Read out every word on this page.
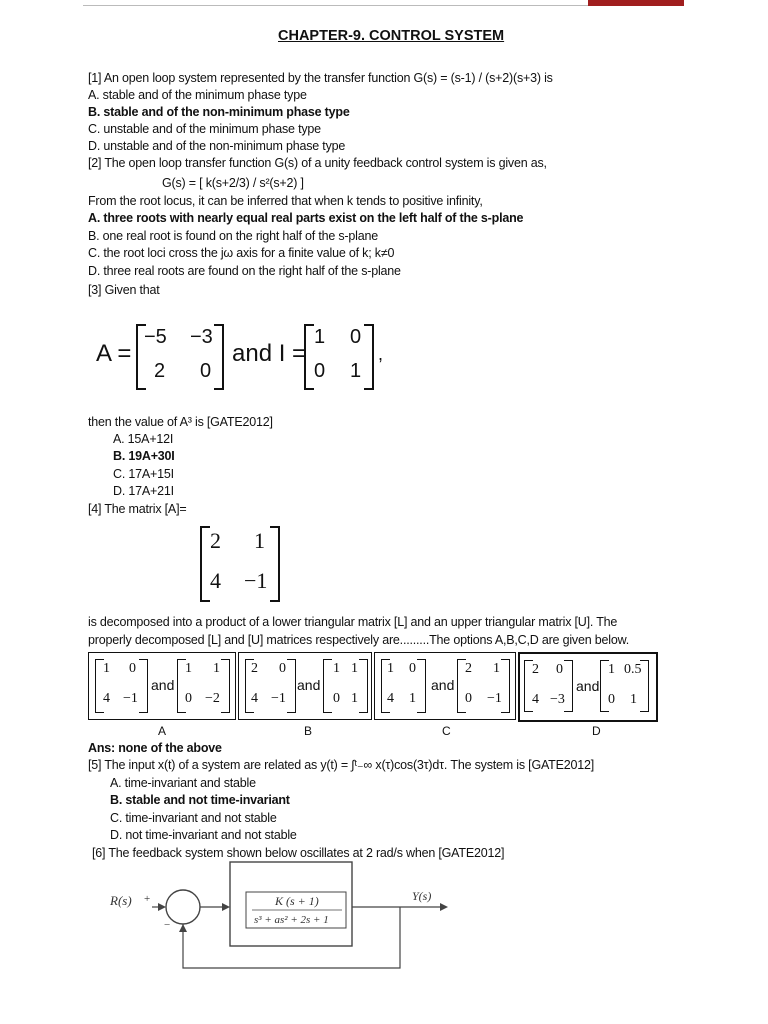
CHAPTER-9. CONTROL SYSTEM
[1] An open loop system represented by the transfer function G(s) = (s-1) / (s+2)(s+3) is
A. stable and of the minimum phase type
B. stable and of the non-minimum phase type
C. unstable and of the minimum phase type
D. unstable and of the non-minimum phase type
[2] The open loop transfer function G(s) of a unity feedback control system is given as,
G(s) = [ k(s+2/3) / s²(s+2) ]
From the root locus, it can be inferred that when k tends to positive infinity,
A. three roots with nearly equal real parts exist on the left half of the s-plane
B. one real root is found on the right half of the s-plane
C. the root loci cross the jω axis for a finite value of k; k≠0
D. three real roots are found on the right half of the s-plane
[3] Given that
A =
−5 −3
2 0
and I =
1 0
0 1
,
then the value of A³ is [GATE2012]
A. 15A+12I
B. 19A+30I
C. 17A+15I
D. 17A+21I
[4] The matrix [A]=
2 1
4 −1
is decomposed into a product of a lower triangular matrix [L] and an upper triangular matrix [U]. The
properly decomposed [L] and [U] matrices respectively are.........The options A,B,C,D are given below.
1 0
4 −1
and
1 1
0 −2
2 0
4 −1
and
1 1
0 1
1 0
4 1
and
2 1
0 −1
2 0
4 −3
and
1 0.5
0 1
A	B	C	D
Ans: none of the above
[5] The input x(t) of a system are related as y(t) = ∫ᵗ₋∞ x(τ)cos(3τ)dτ. The system is [GATE2012]
A. time-invariant and stable
B. stable and not time-invariant
C. time-invariant and not stable
D. not time-invariant and not stable
[6] The feedback system shown below oscillates at 2 rad/s when [GATE2012]
R(s) +
−
K (s + 1)
s³ + as² + 2s + 1
Y(s)
